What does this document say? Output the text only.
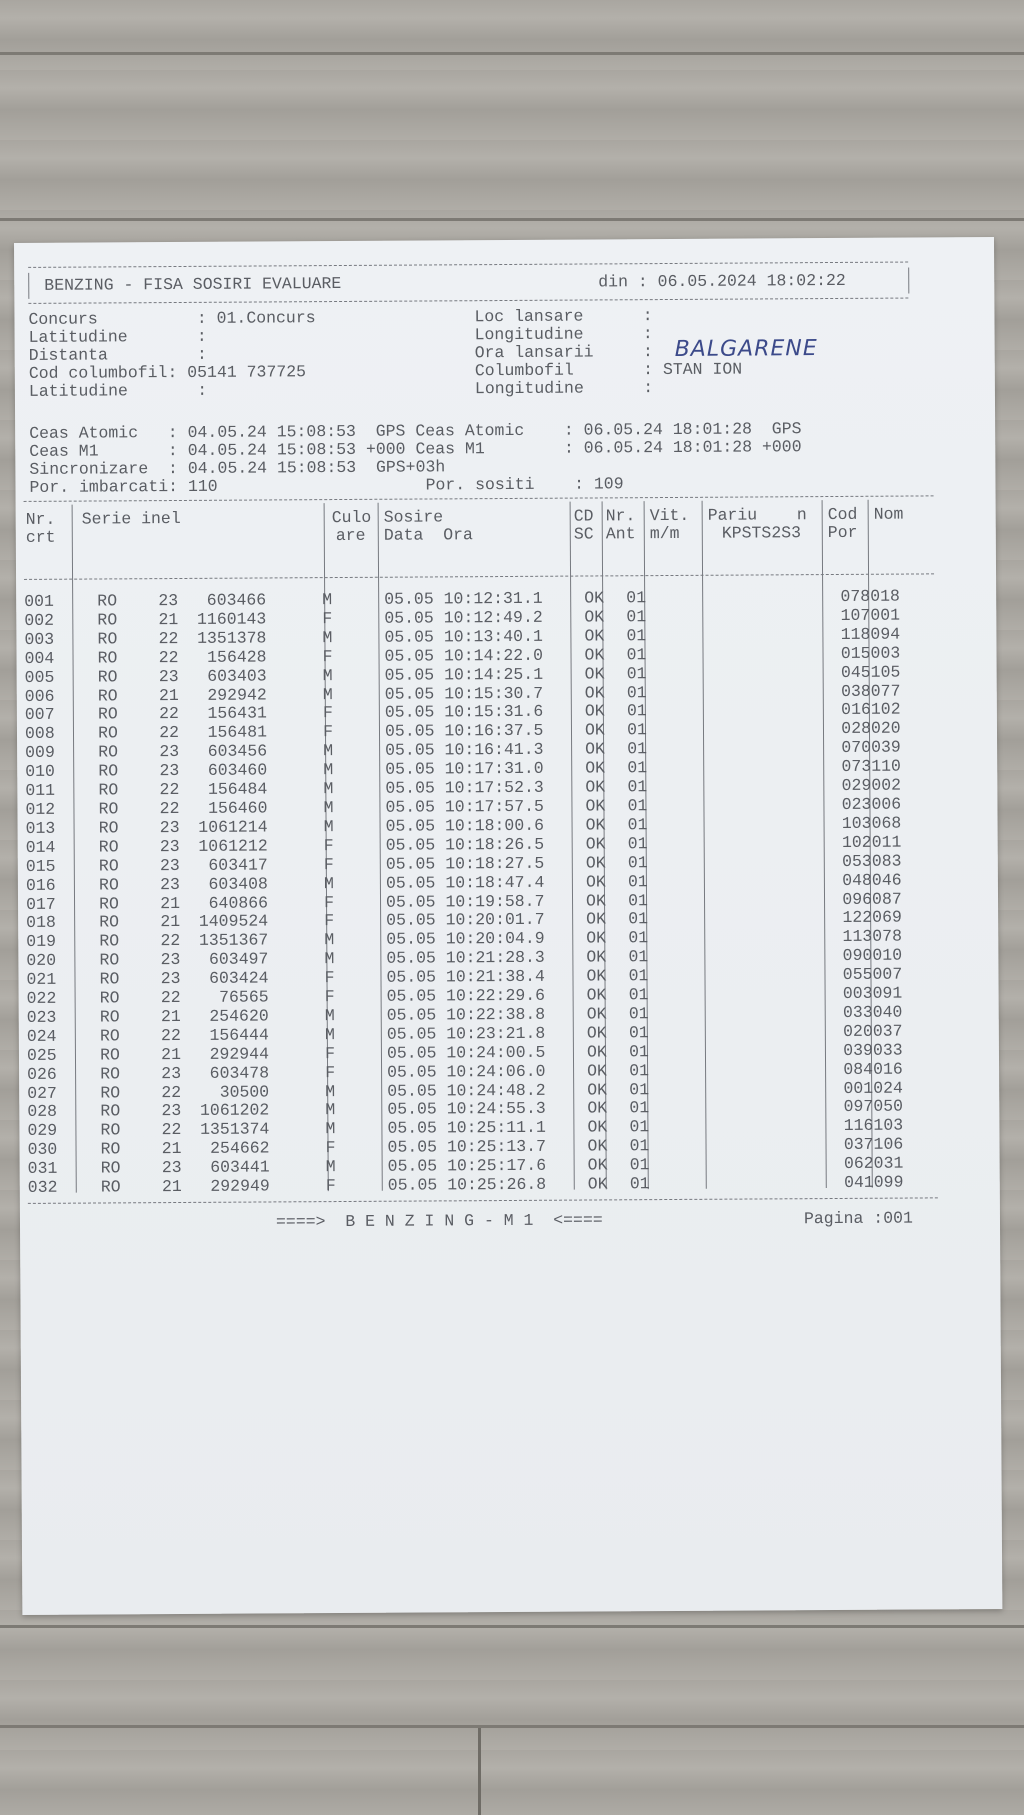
BENZING - FISA SOSIRI EVALUARE	din : 06.05.2024 18:02:22
Concurs          : 01.Concurs
Latitudine       :
Distanta         :
Cod columbofil: 05141 737725
Latitudine       :
Loc lansare      :
Longitudine      :
Ora lansarii     :
Columbofil       : STAN ION
Longitudine      :
BALGARENE
Ceas Atomic   : 04.05.24 15:08:53  GPS Ceas Atomic    : 06.05.24 18:01:28  GPS
Ceas M1       : 04.05.24 15:08:53 +000 Ceas M1        : 06.05.24 18:01:28 +000
Sincronizare  : 04.05.24 15:08:53  GPS+03h
Por. imbarcati: 110                     Por. sositi    : 109
Nr.
crt
Serie inel	Culo
are
Sosire
Data  Ora
CD
SC
Nr.
Ant
Vit.
m/m
Pariu    n
KPSTS2S3
Cod
Por
Nom
001	RO	23	603466	M		05.05 10:12:31.1	OK	01			078	018
002	RO	21	1160143	F		05.05 10:12:49.2	OK	01			107	001
003	RO	22	1351378	M		05.05 10:13:40.1	OK	01			118	094
004	RO	22	156428	F		05.05 10:14:22.0	OK	01			015	003
005	RO	23	603403	M		05.05 10:14:25.1	OK	01			045	105
006	RO	21	292942	M		05.05 10:15:30.7	OK	01			038	077
007	RO	22	156431	F		05.05 10:15:31.6	OK	01			016	102
008	RO	22	156481	F		05.05 10:16:37.5	OK	01			028	020
009	RO	23	603456	M		05.05 10:16:41.3	OK	01			070	039
010	RO	23	603460	M		05.05 10:17:31.0	OK	01			073	110
011	RO	22	156484	M		05.05 10:17:52.3	OK	01			029	002
012	RO	22	156460	M		05.05 10:17:57.5	OK	01			023	006
013	RO	23	1061214	M		05.05 10:18:00.6	OK	01			103	068
014	RO	23	1061212	F		05.05 10:18:26.5	OK	01			102	011
015	RO	23	603417	F		05.05 10:18:27.5	OK	01			053	083
016	RO	23	603408	M		05.05 10:18:47.4	OK	01			048	046
017	RO	21	640866	F		05.05 10:19:58.7	OK	01			096	087
018	RO	21	1409524	F		05.05 10:20:01.7	OK	01			122	069
019	RO	22	1351367	M		05.05 10:20:04.9	OK	01			113	078
020	RO	23	603497	M		05.05 10:21:28.3	OK	01			090	010
021	RO	23	603424	F		05.05 10:21:38.4	OK	01			055	007
022	RO	22	76565	F		05.05 10:22:29.6	OK	01			003	091
023	RO	21	254620	M		05.05 10:22:38.8	OK	01			033	040
024	RO	22	156444	M		05.05 10:23:21.8	OK	01			020	037
025	RO	21	292944	F		05.05 10:24:00.5	OK	01			039	033
026	RO	23	603478	F		05.05 10:24:06.0	OK	01			084	016
027	RO	22	30500	M		05.05 10:24:48.2	OK	01			001	024
028	RO	23	1061202	M		05.05 10:24:55.3	OK	01			097	050
029	RO	22	1351374	M		05.05 10:25:11.1	OK	01			116	103
030	RO	21	254662	F		05.05 10:25:13.7	OK	01			037	106
031	RO	23	603441	M		05.05 10:25:17.6	OK	01			062	031
032	RO	21	292949	F		05.05 10:25:26.8	OK	01			041	099
====>  B E N Z I N G - M 1  <====	Pagina :001
